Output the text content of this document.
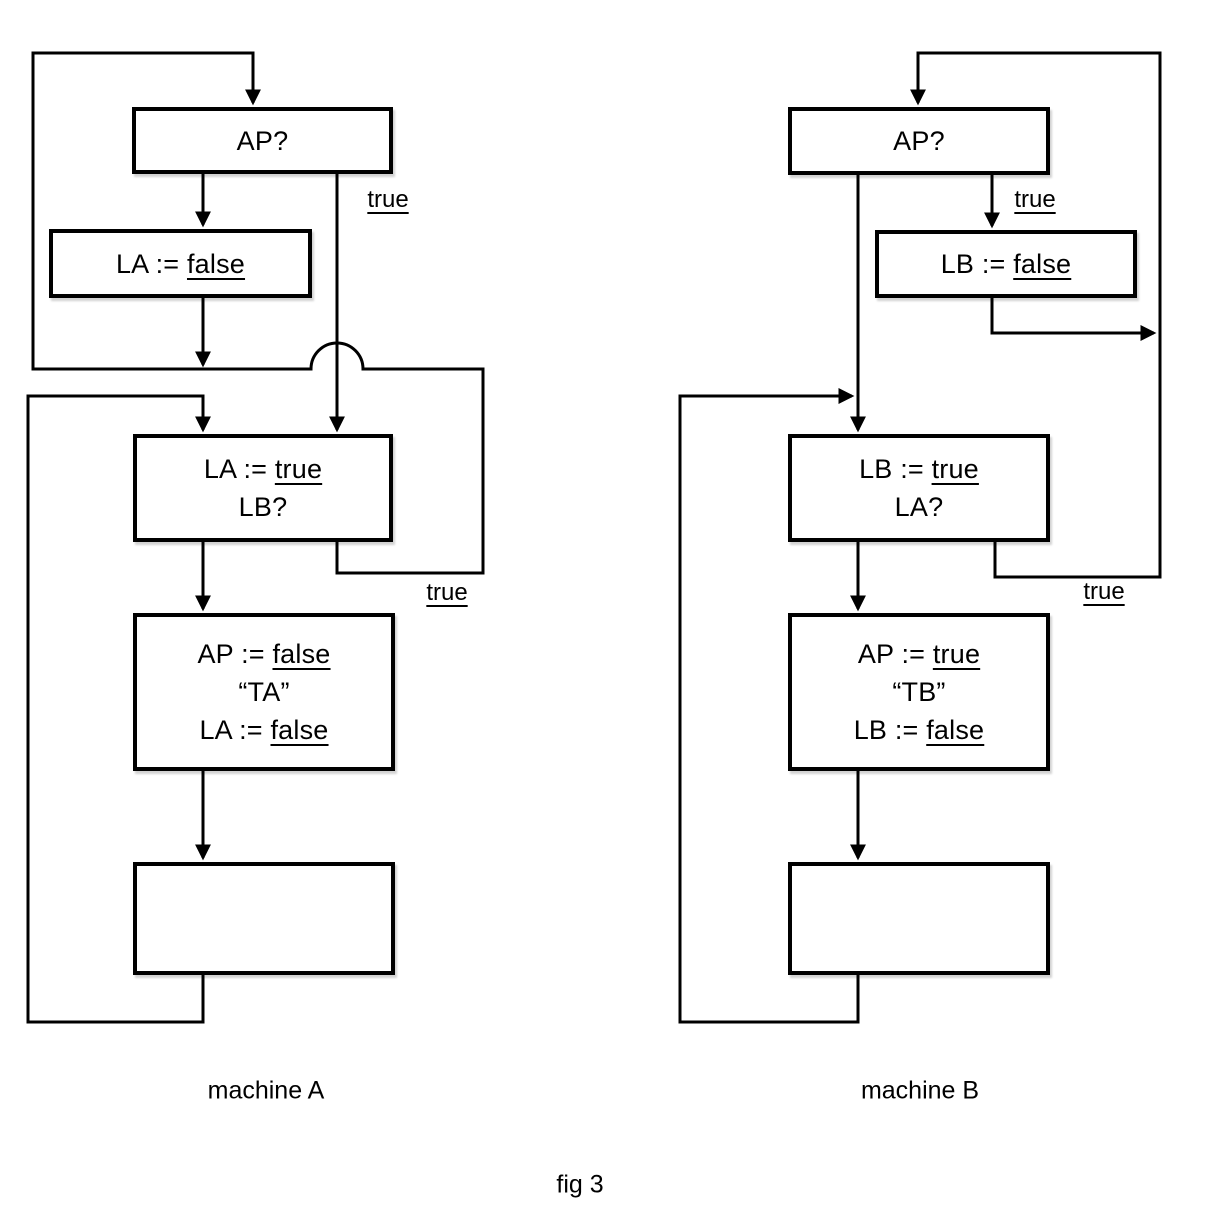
AP?
LA := false
LA := true
LB?
AP := false
“TA”
LA := false
AP?
LB := false
LB := true
LA?
AP := true
“TB”
LB := false
true
true
true
true
machine A	machine B
fig 3
